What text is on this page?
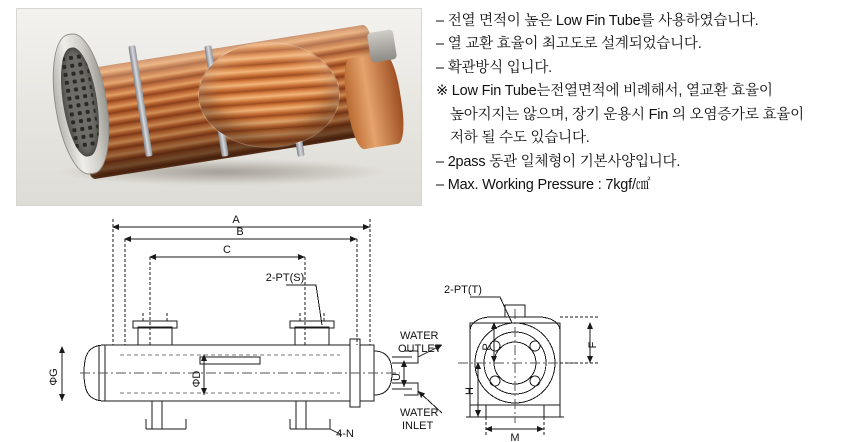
– 전열 면적이 높은 Low Fin Tube를 사용하였습니다.
– 열 교환 효율이 최고도로 설계되었습니다.
– 확관방식 입니다.
※ Low Fin Tube는전열면적에 비례해서, 열교환 효율이
높아지지는 않으며, 장기 운용시 Fin 의 오염증가로 효율이
저하 될 수도 있습니다.
– 2pass 동관 일체형이 기본사양입니다.
– Max. Working Pressure : 7kgf/㎠
A
B
C
2-PT(S)
2-PT(T)
ΦG	ΦD	U
4-N
WATER
OUTLET
WATER
INLET
P	F
H
M
